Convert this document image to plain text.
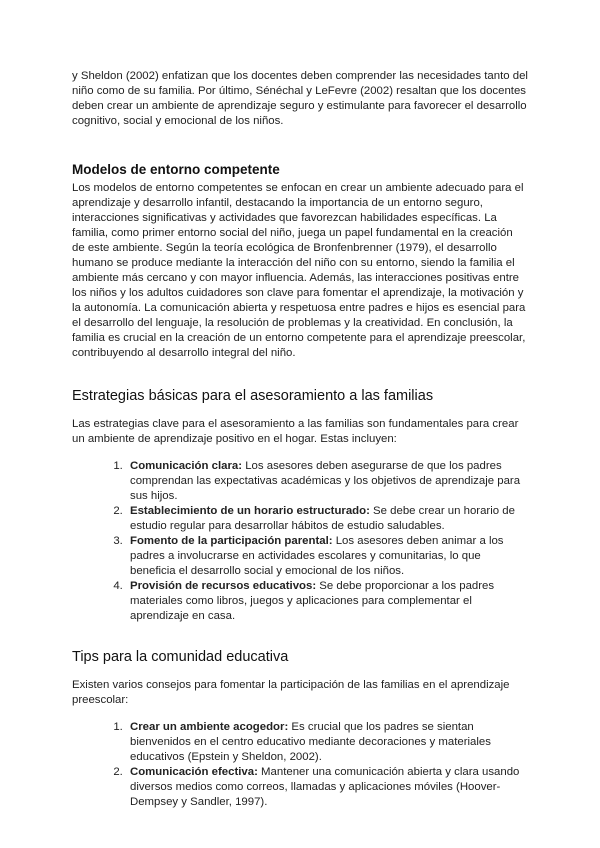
y Sheldon (2002) enfatizan que los docentes deben comprender las necesidades tanto del niño como de su familia. Por último, Sénéchal y LeFevre (2002) resaltan que los docentes deben crear un ambiente de aprendizaje seguro y estimulante para favorecer el desarrollo cognitivo, social y emocional de los niños.

Modelos de entorno competente

Los modelos de entorno competentes se enfocan en crear un ambiente adecuado para el aprendizaje y desarrollo infantil, destacando la importancia de un entorno seguro, interacciones significativas y actividades que favorezcan habilidades específicas. La familia, como primer entorno social del niño, juega un papel fundamental en la creación de este ambiente. Según la teoría ecológica de Bronfenbrenner (1979), el desarrollo humano se produce mediante la interacción del niño con su entorno, siendo la familia el ambiente más cercano y con mayor influencia. Además, las interacciones positivas entre los niños y los adultos cuidadores son clave para fomentar el aprendizaje, la motivación y la autonomía. La comunicación abierta y respetuosa entre padres e hijos es esencial para el desarrollo del lenguaje, la resolución de problemas y la creatividad. En conclusión, la familia es crucial en la creación de un entorno competente para el aprendizaje preescolar, contribuyendo al desarrollo integral del niño.

Estrategias básicas para el asesoramiento a las familias

Las estrategias clave para el asesoramiento a las familias son fundamentales para crear un ambiente de aprendizaje positivo en el hogar. Estas incluyen:

1. Comunicación clara: Los asesores deben asegurarse de que los padres comprendan las expectativas académicas y los objetivos de aprendizaje para sus hijos.
2. Establecimiento de un horario estructurado: Se debe crear un horario de estudio regular para desarrollar hábitos de estudio saludables.
3. Fomento de la participación parental: Los asesores deben animar a los padres a involucrarse en actividades escolares y comunitarias, lo que beneficia el desarrollo social y emocional de los niños.
4. Provisión de recursos educativos: Se debe proporcionar a los padres materiales como libros, juegos y aplicaciones para complementar el aprendizaje en casa.
Tips para la comunidad educativa

Existen varios consejos para fomentar la participación de las familias en el aprendizaje preescolar:

1. Crear un ambiente acogedor: Es crucial que los padres se sientan bienvenidos en el centro educativo mediante decoraciones y materiales educativos (Epstein y Sheldon, 2002).
2. Comunicación efectiva: Mantener una comunicación abierta y clara usando diversos medios como correos, llamadas y aplicaciones móviles (Hoover-Dempsey y Sandler, 1997).
